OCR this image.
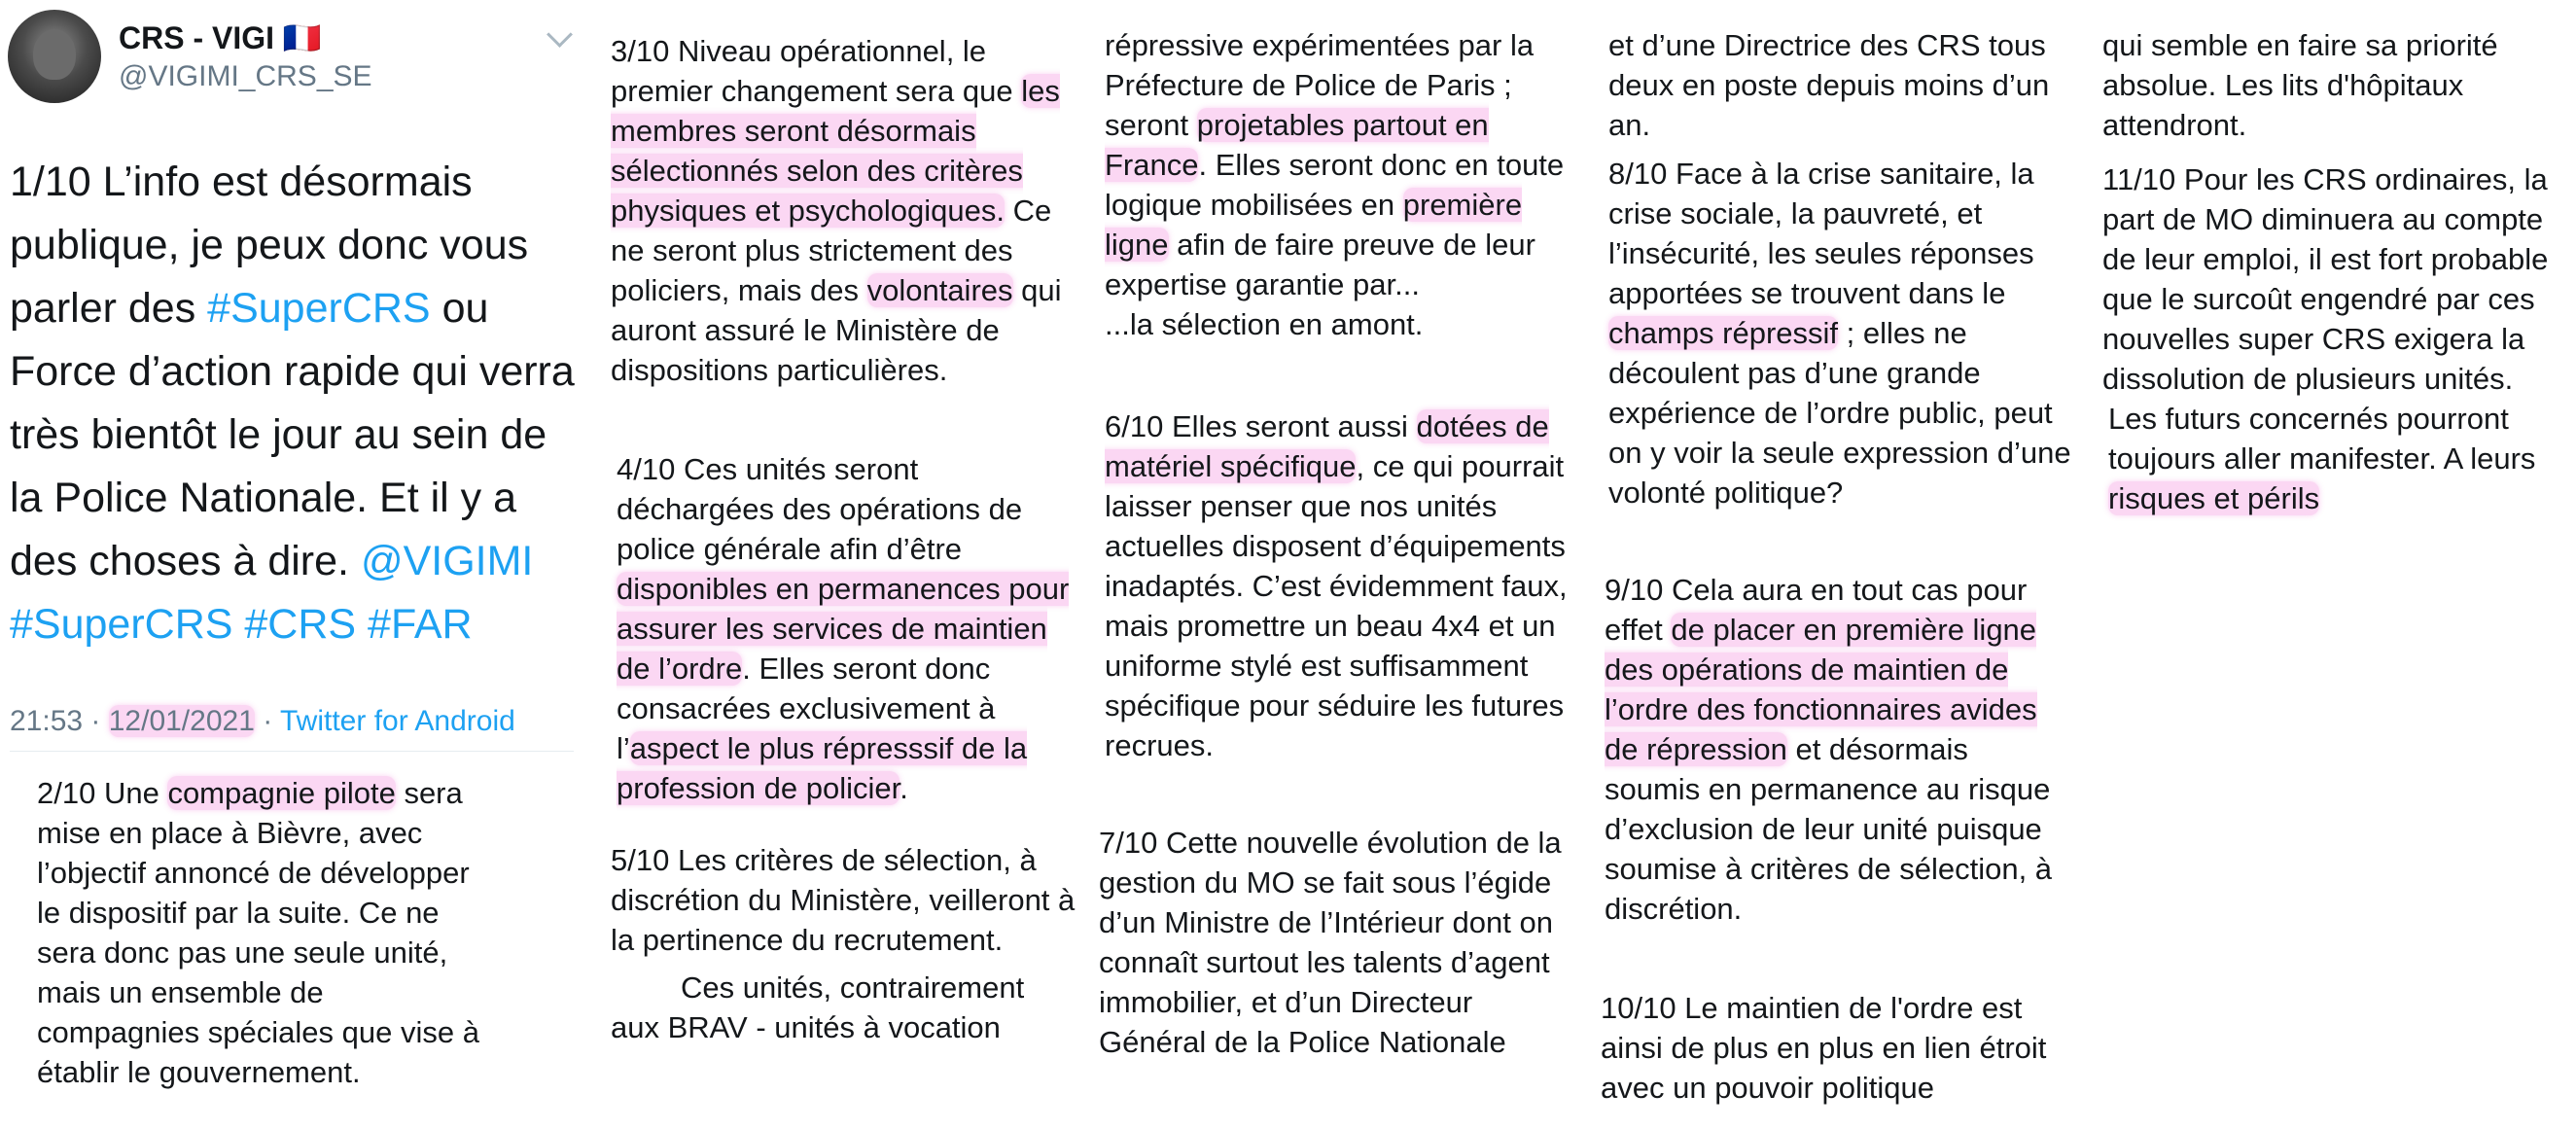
CRS - VIGI 🇫🇷
@VIGIMI_CRS_SE
1/10 L’info est désormais publique, je peux donc vous parler des #SuperCRS ou Force d’action rapide qui verra très bientôt le jour au sein de la Police Nationale. Et il y a des choses à dire. @VIGIMI #SuperCRS #CRS #FAR
21:53 · 12/01/2021 · Twitter for Android
2/10 Une compagnie pilote sera mise en place à Bièvre, avec l’objectif annoncé de développer le dispositif par la suite. Ce ne sera donc pas une seule unité, mais un ensemble de compagnies spéciales que vise à établir le gouvernement.
3/10 Niveau opérationnel, le premier changement sera que les membres seront désormais sélectionnés selon des critères physiques et psychologiques. Ce ne seront plus strictement des policiers, mais des volontaires qui auront assuré le Ministère de dispositions particulières.
4/10 Ces unités seront déchargées des opérations de police générale afin d’être disponibles en permanences pour assurer les services de maintien de l’ordre. Elles seront donc consacrées exclusivement à l’aspect le plus répresssif de la profession de policier.
5/10 Les critères de sélection, à discrétion du Ministère, veilleront à la pertinence du recrutement.
Ces unités, contrairement aux BRAV - unités à vocation
répressive expérimentées par la Préfecture de Police de Paris ; seront projetables partout en France. Elles seront donc en toute logique mobilisées en première ligne afin de faire preuve de leur expertise garantie par...
...la sélection en amont.
6/10 Elles seront aussi dotées de matériel spécifique, ce qui pourrait laisser penser que nos unités actuelles disposent d’équipements inadaptés. C’est évidemment faux, mais promettre un beau 4x4 et un uniforme stylé est suffisamment spécifique pour séduire les futures recrues.
7/10 Cette nouvelle évolution de la gestion du MO se fait sous l’égide d’un Ministre de l’Intérieur dont on connaît surtout les talents d’agent immobilier, et d’un Directeur Général de la Police Nationale
et d’une Directrice des CRS tous deux en poste depuis moins d’un an.
8/10 Face à la crise sanitaire, la crise sociale, la pauvreté, et l’insécurité, les seules réponses apportées se trouvent dans le champs répressif ; elles ne découlent pas d’une grande expérience de l’ordre public, peut on y voir la seule expression d’une volonté politique?
9/10 Cela aura en tout cas pour effet de placer en première ligne des opérations de maintien de l’ordre des fonctionnaires avides de répression et désormais soumis en permanence au risque d’exclusion de leur unité puisque soumise à critères de sélection, à discrétion.
10/10 Le maintien de l'ordre est ainsi de plus en plus en lien étroit avec un pouvoir politique
qui semble en faire sa priorité absolue. Les lits d'hôpitaux attendront.
11/10 Pour les CRS ordinaires, la part de MO diminuera au compte de leur emploi, il est fort probable que le surcoût engendré par ces nouvelles super CRS exigera la dissolution de plusieurs unités.
Les futurs concernés pourront toujours aller manifester. A leurs risques et périls
